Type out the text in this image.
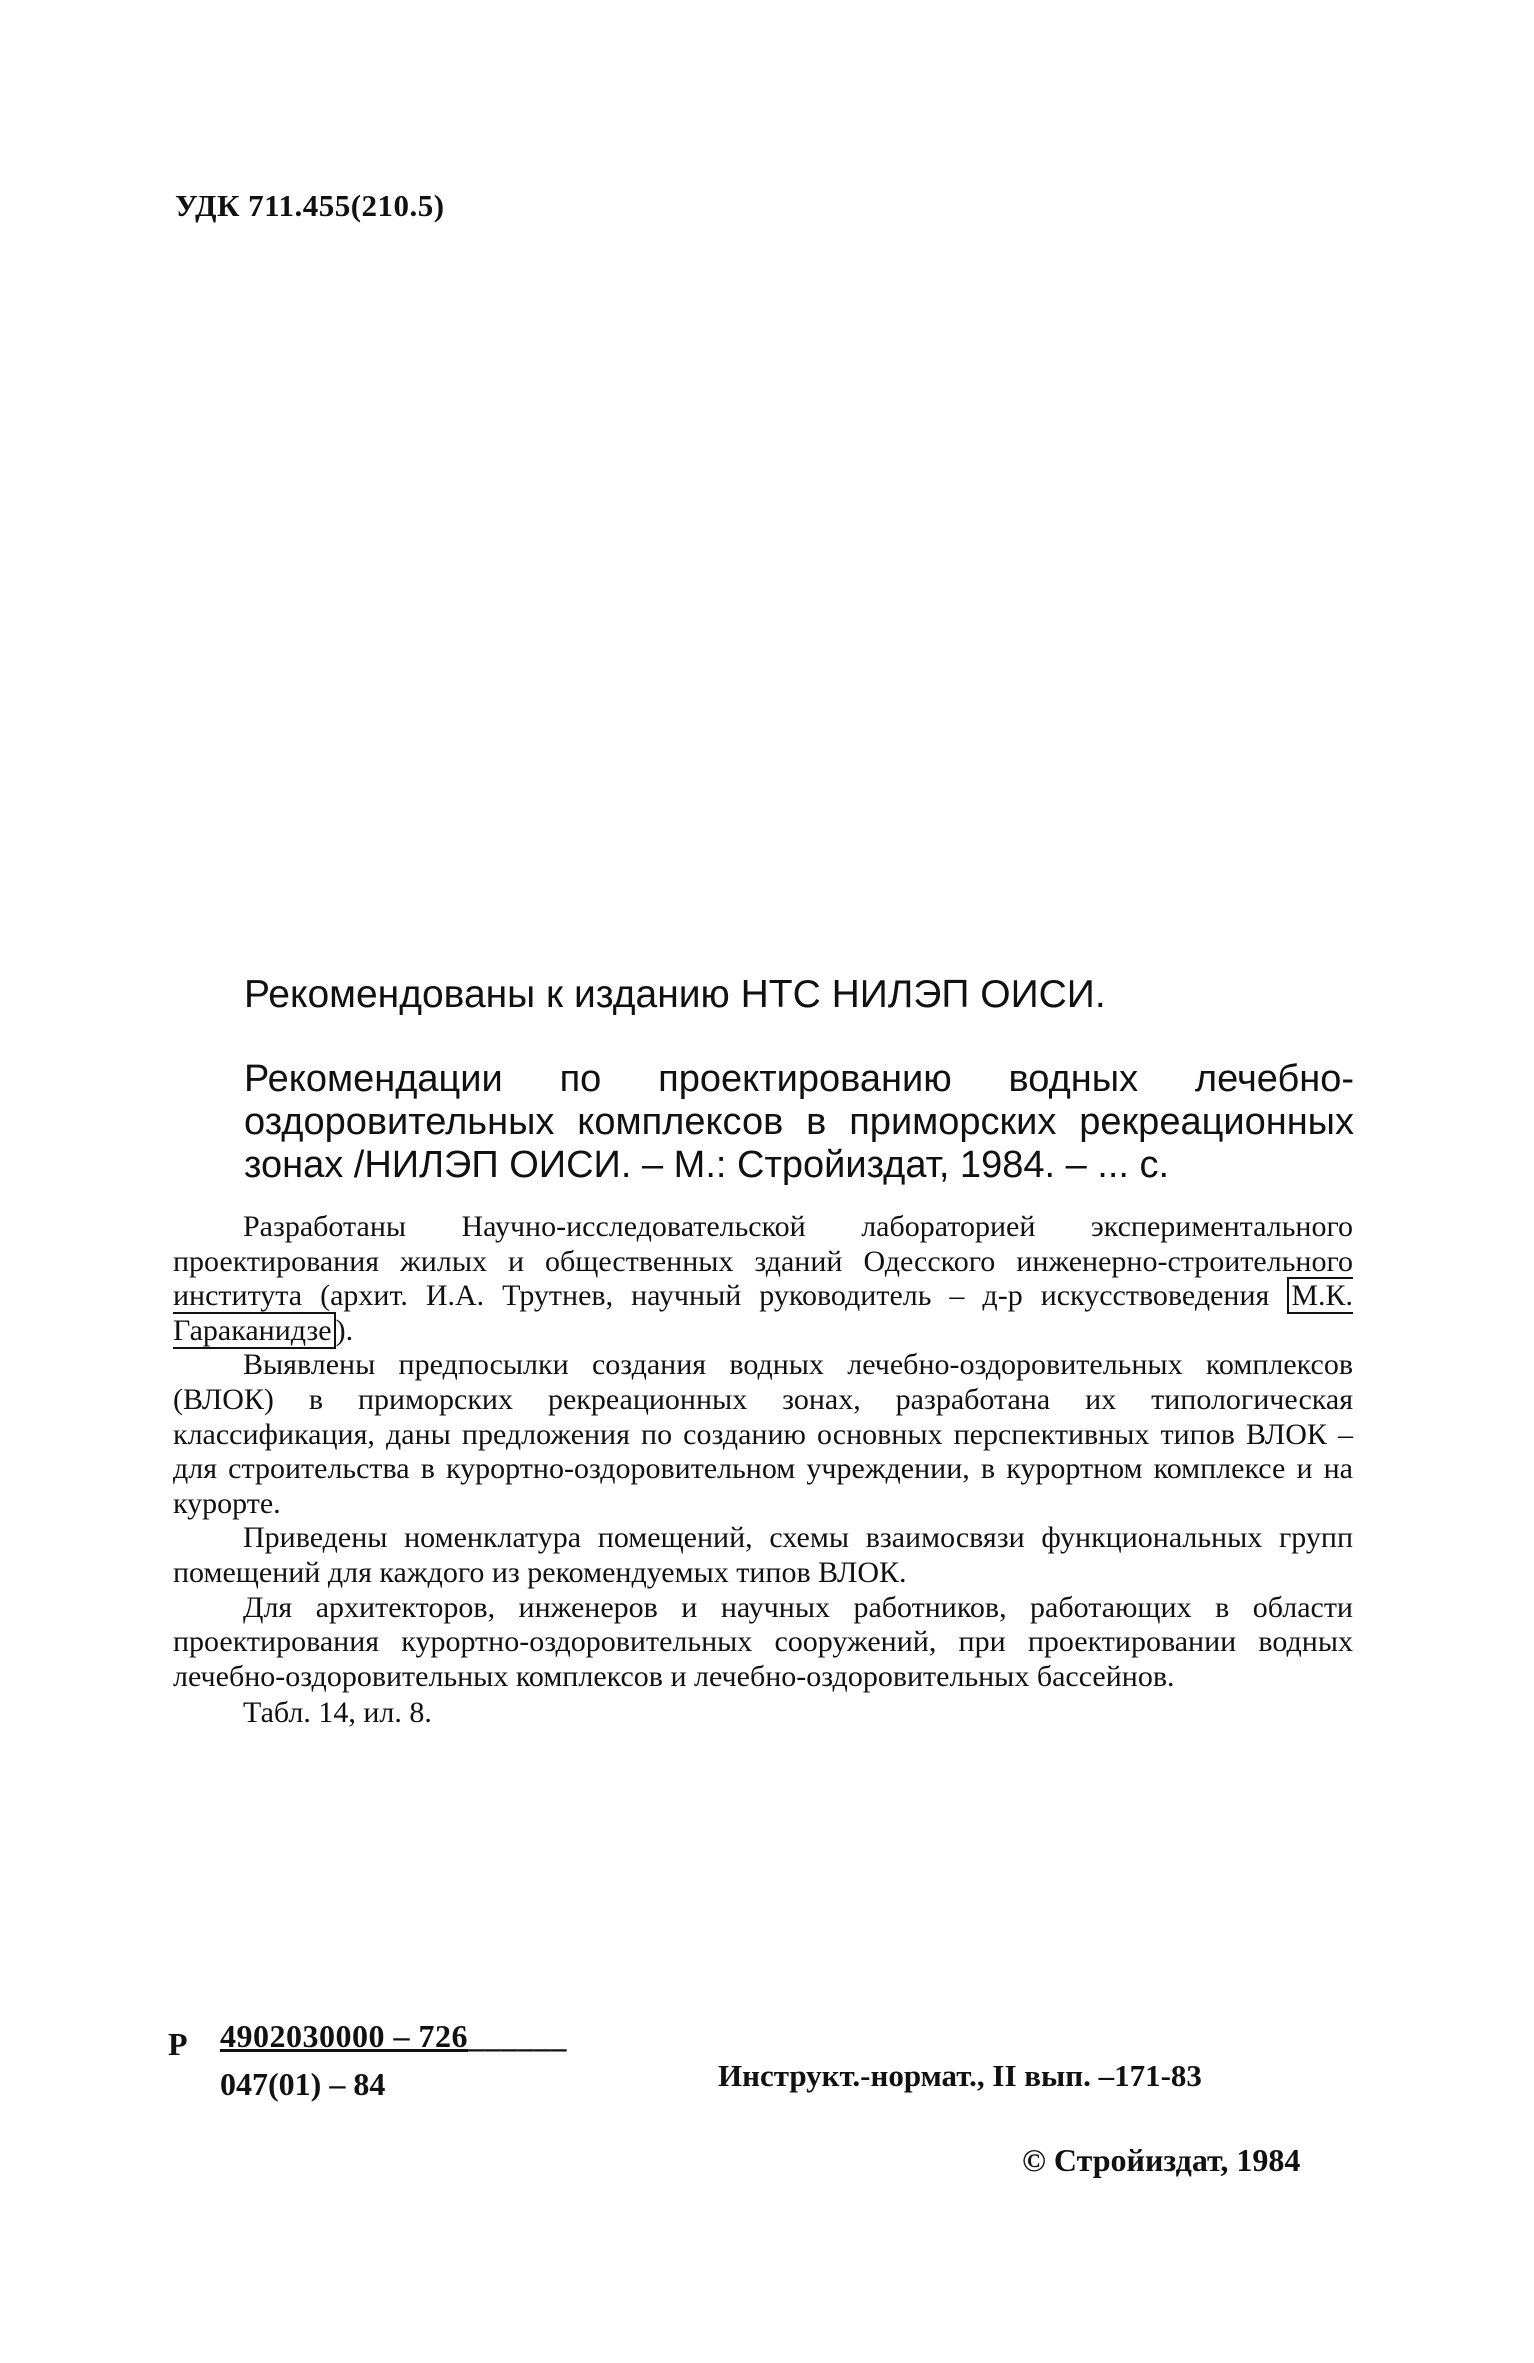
УДК 711.455(210.5)
Рекомендованы к изданию НТС НИЛЭП ОИСИ.
Рекомендации по проектированию водных лечебно-оздоровительных комплексов в приморских рекреационных зонах /НИЛЭП ОИСИ. – М.: Стройиздат, 1984. – ... с.

Разработаны Научно-исследовательской лабораторией экспериментального проектирования жилых и общественных зданий Одесского инженерно-строительного института (архит. И.А. Трутнев, научный руководитель – д-р искусствоведения М.К. Гараканидзе ).

Выявлены предпосылки создания водных лечебно-оздоровительных комплексов (ВЛОК) в приморских рекреационных зонах, разработана их типологическая классификация, даны предложения по созданию основных перспективных типов ВЛОК – для строительства в курортно-оздоровительном учреждении, в курортном комплексе и на курорте.

Приведены номенклатура помещений, схемы взаимосвязи функциональных групп помещений для каждого из рекомендуемых типов ВЛОК.

Для архитекторов, инженеров и научных работников, работающих в области проектирования курортно-оздоровительных сооружений, при проектировании водных лечебно-оздоровительных комплексов и лечебно-оздоровительных бассейнов.

Табл. 14, ил. 8.

Р 4902030000 – 726______
047(01) – 84	Инструкт.-нормат., II вып. –171-83
© Стройиздат, 1984
